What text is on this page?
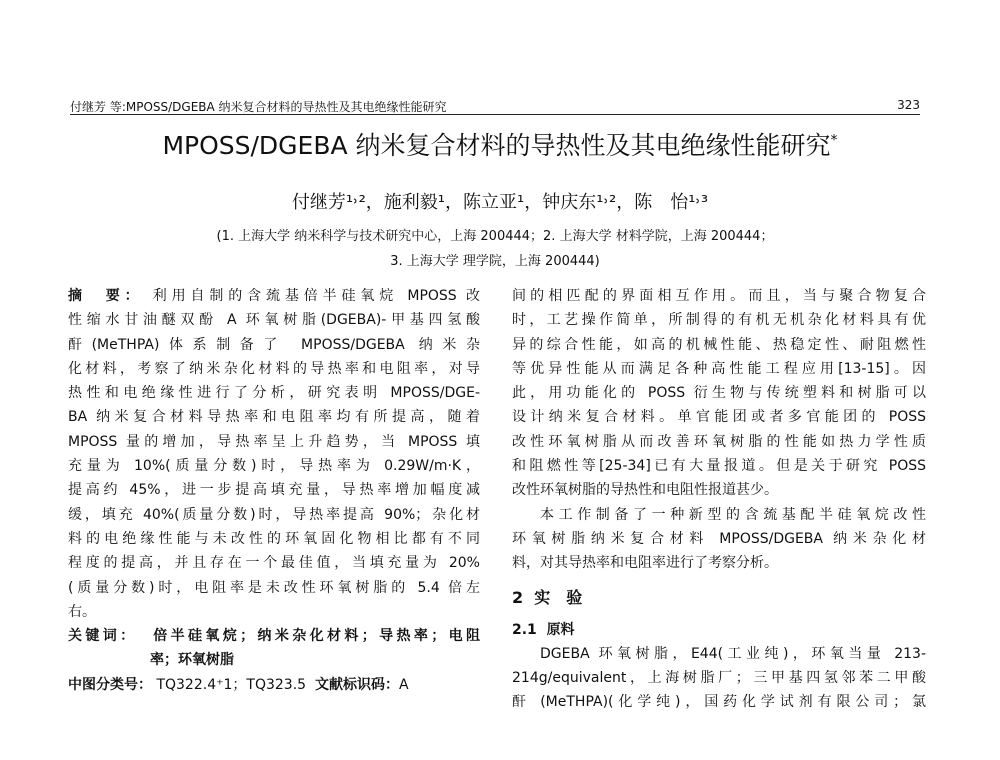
付继芳 等:MPOSS/DGEBA 纳米复合材料的导热性及其电绝缘性能研究	323
MPOSS/DGEBA 纳米复合材料的导热性及其电绝缘性能研究*
付继芳¹˒²，施利毅¹，陈立亚¹，钟庆东¹˒²，陈　怡¹˒³
(1. 上海大学 纳米科学与技术研究中心，上海 200444；2. 上海大学 材料学院，上海 200444；
3. 上海大学 理学院，上海 200444)
摘　要： 利用自制的含巯基倍半硅氧烷 MPOSS 改
性缩水甘油醚双酚 A 环氧树脂(DGEBA)-甲基四氢酸
酐(MeTHPA)体系制备了 MPOSS/DGEBA 纳米杂
化材料，考察了纳米杂化材料的导热率和电阻率，对导
热性和电绝缘性进行了分析，研究表明 MPOSS/DGE-
BA 纳米复合材料导热率和电阻率均有所提高，随着
MPOSS 量的增加，导热率呈上升趋势，当 MPOSS 填
充量为 10%(质量分数)时，导热率为 0.29W/m·K，
提高约 45%，进一步提高填充量，导热率增加幅度减
缓，填充 40%(质量分数)时，导热率提高 90%；杂化材
料的电绝缘性能与未改性的环氧固化物相比都有不同
程度的提高，并且存在一个最佳值，当填充量为 20%
(质量分数)时，电阻率是未改性环氧树脂的 5.4 倍左
右。
关键词： 倍半硅氧烷；纳米杂化材料；导热率；电阻
率；环氧树脂
中图分类号： TQ322.4⁺1；TQ323.5 文献标识码：A
间的相匹配的界面相互作用。而且，当与聚合物复合
时，工艺操作简单，所制得的有机无机杂化材料具有优
异的综合性能，如高的机械性能、热稳定性、耐阻燃性
等优异性能从而满足各种高性能工程应用[13-15]。因
此，用功能化的 POSS 衍生物与传统塑料和树脂可以
设计纳米复合材料。单官能团或者多官能团的 POSS
改性环氧树脂从而改善环氧树脂的性能如热力学性质
和阻燃性等[25-34]已有大量报道。但是关于研究 POSS
改性环氧树脂的导热性和电阻性报道甚少。
本工作制备了一种新型的含巯基配半硅氧烷改性
环氧树脂纳米复合材料 MPOSS/DGEBA 纳米杂化材
料，对其导热率和电阻率进行了考察分析。
2 实　验
2.1 原料
DGEBA 环氧树脂，E44(工业纯)，环氧当量 213-
214g/equivalent，上海树脂厂；三甲基四氢邻苯二甲酸
酐 (MeTHPA)(化学纯)，国药化学试剂有限公司；氯
